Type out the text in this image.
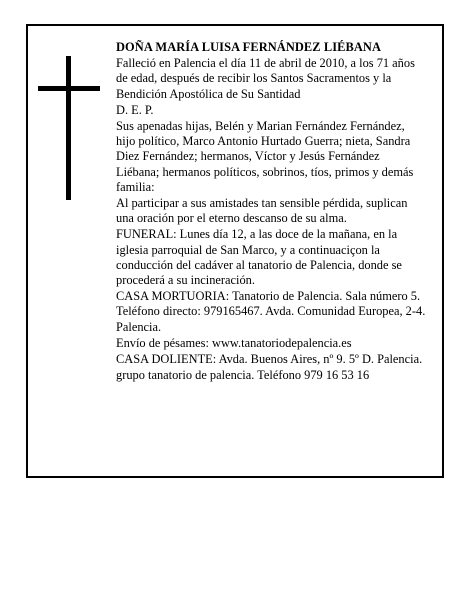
DOÑA MARÍA LUISA FERNÁNDEZ LIÉBANA

Falleció en Palencia el día 11 de abril de 2010, a los 71 años de edad, después de recibir los Santos Sacramentos y la Bendición Apostólica de Su Santidad

D. E. P.

Sus apenadas hijas, Belén y Marian Fernández Fernández, hijo político, Marco Antonio Hurtado Guerra; nieta, Sandra Diez Fernández; hermanos, Víctor y Jesús Fernández Liébana; hermanos políticos, sobrinos, tíos, primos y demás familia:

Al participar a sus amistades tan sensible pérdida, suplican una oración por el eterno descanso de su alma.

FUNERAL: Lunes día 12, a las doce de la mañana, en la iglesia parroquial de San Marco, y a continuaciçon la conducción del cadáver al tanatorio de Palencia, donde se procederá a su incineración.

CASA MORTUORIA: Tanatorio de Palencia. Sala número 5. Teléfono directo: 979165467. Avda. Comunidad Europea, 2-4. Palencia.

Envío de pésames: www.tanatoriodepalencia.es

CASA DOLIENTE: Avda. Buenos Aires, nº 9. 5º D. Palencia.

grupo tanatorio de palencia. Teléfono 979 16 53 16
